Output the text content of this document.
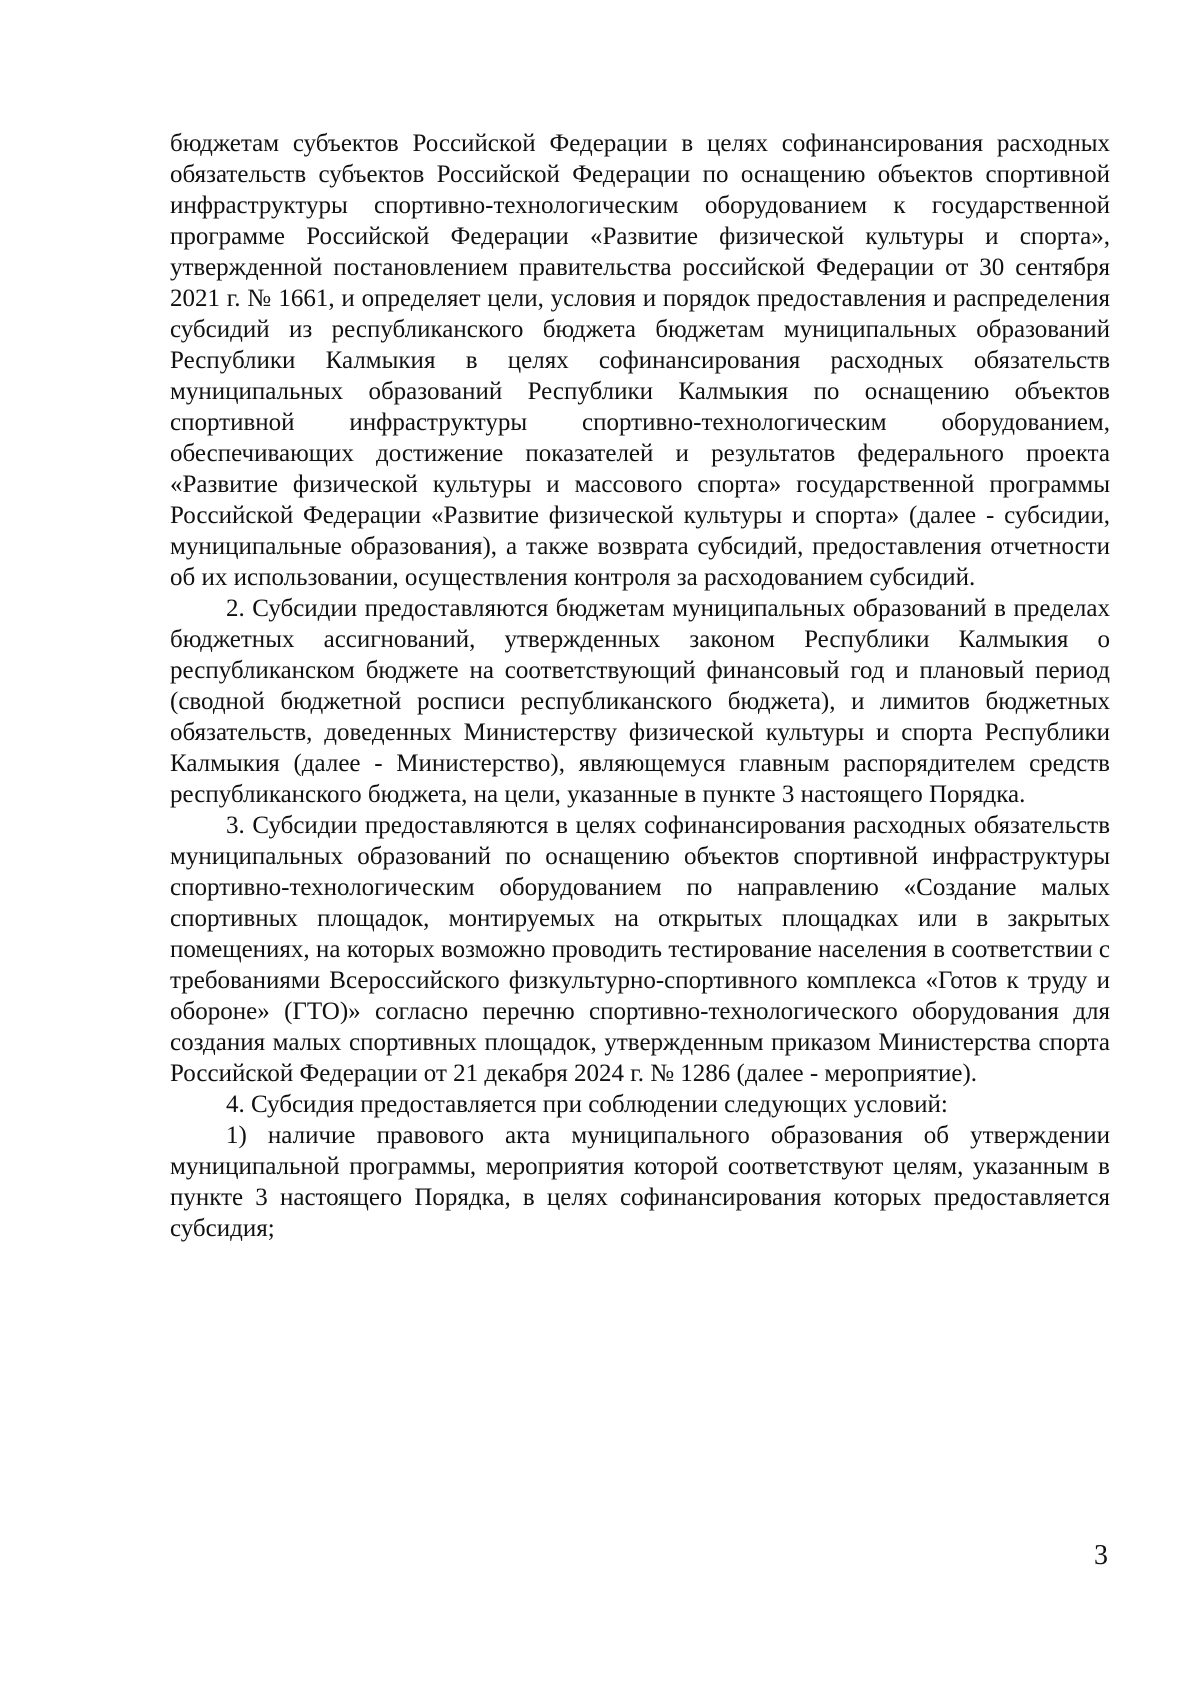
бюджетам субъектов Российской Федерации в целях софинансирования расходных обязательств субъектов Российской Федерации по оснащению объектов спортивной инфраструктуры спортивно-технологическим оборудованием к государственной программе Российской Федерации «Развитие физической культуры и спорта», утвержденной постановлением правительства российской Федерации от 30 сентября 2021 г. № 1661, и определяет цели, условия и порядок предоставления и распределения субсидий из республиканского бюджета бюджетам муниципальных образований Республики Калмыкия в целях софинансирования расходных обязательств муниципальных образований Республики Калмыкия по оснащению объектов спортивной инфраструктуры спортивно-технологическим оборудованием, обеспечивающих достижение показателей и результатов федерального проекта «Развитие физической культуры и массового спорта» государственной программы Российской Федерации «Развитие физической культуры и спорта» (далее - субсидии, муниципальные образования), а также возврата субсидий, предоставления отчетности об их использовании, осуществления контроля за расходованием субсидий.

2. Субсидии предоставляются бюджетам муниципальных образований в пределах бюджетных ассигнований, утвержденных законом Республики Калмыкия о республиканском бюджете на соответствующий финансовый год и плановый период (сводной бюджетной росписи республиканского бюджета), и лимитов бюджетных обязательств, доведенных Министерству физической культуры и спорта Республики Калмыкия (далее - Министерство), являющемуся главным распорядителем средств республиканского бюджета, на цели, указанные в пункте 3 настоящего Порядка.

3. Субсидии предоставляются в целях софинансирования расходных обязательств муниципальных образований по оснащению объектов спортивной инфраструктуры спортивно-технологическим оборудованием по направлению «Создание малых спортивных площадок, монтируемых на открытых площадках или в закрытых помещениях, на которых возможно проводить тестирование населения в соответствии с требованиями Всероссийского физкультурно-спортивного комплекса «Готов к труду и обороне» (ГТО)» согласно перечню спортивно-технологического оборудования для создания малых спортивных площадок, утвержденным приказом Министерства спорта Российской Федерации от 21 декабря 2024 г. № 1286 (далее - мероприятие).

4. Субсидия предоставляется при соблюдении следующих условий:

1) наличие правового акта муниципального образования об утверждении муниципальной программы, мероприятия которой соответствуют целям, указанным в пункте 3 настоящего Порядка, в целях софинансирования которых предоставляется субсидия;

3
